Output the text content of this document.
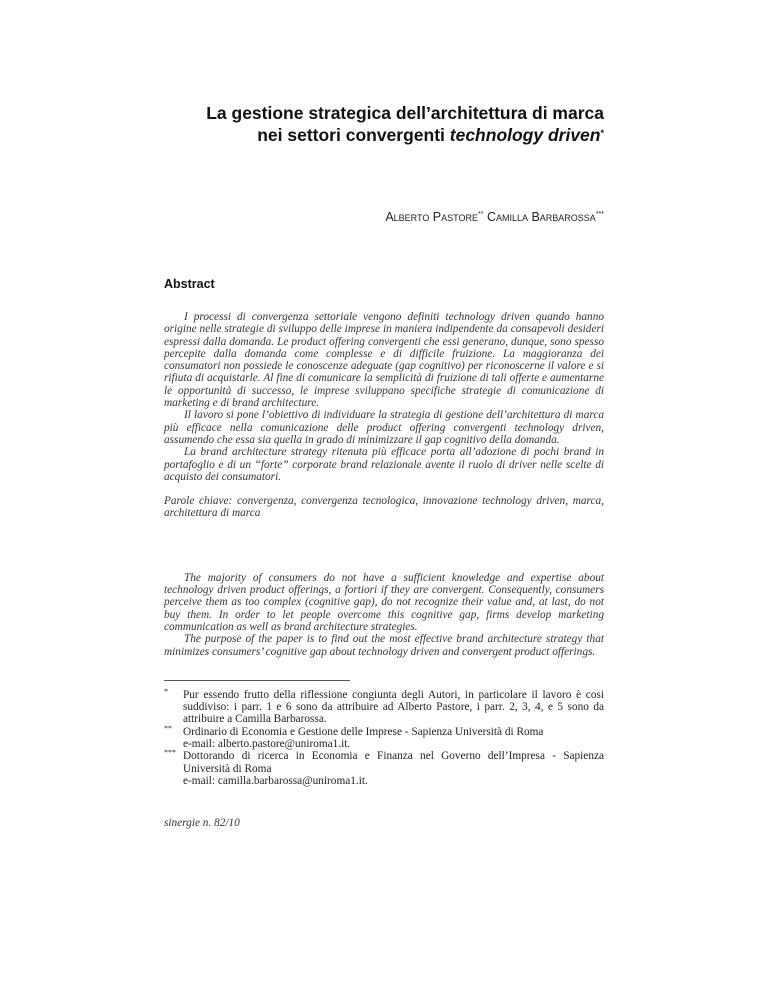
La gestione strategica dell’architettura di marca
nei settori convergenti technology driven*
Alberto Pastore** Camilla Barbarossa***
Abstract

I processi di convergenza settoriale vengono definiti technology driven quando hanno origine nelle strategie di sviluppo delle imprese in maniera indipendente da consapevoli desideri espressi dalla domanda. Le product offering convergenti che essi generano, dunque, sono spesso percepite dalla domanda come complesse e di difficile fruizione. La maggioranza dei consumatori non possiede le conoscenze adeguate (gap cognitivo) per riconoscerne il valore e si rifiuta di acquistarle. Al fine di comunicare la semplicità di fruizione di tali offerte e aumentarne le opportunità di successo, le imprese sviluppano specifiche strategie di comunicazione di marketing e di brand architecture.

Il lavoro si pone l’obiettivo di individuare la strategia di gestione dell’architettura di marca più efficace nella comunicazione delle product offering convergenti technology driven, assumendo che essa sia quella in grado di minimizzare il gap cognitivo della domanda.

La brand architecture strategy ritenuta più efficace porta all’adozione di pochi brand in portafoglio e di un “forte” corporate brand relazionale avente il ruolo di driver nelle scelte di acquisto dei consumatori.

Parole chiave: convergenza, convergenza tecnologica, innovazione technology driven, marca, architettura di marca

The majority of consumers do not have a sufficient knowledge and expertise about technology driven product offerings, a fortiori if they are convergent. Consequently, consumers perceive them as too complex (cognitive gap), do not recognize their value and, at last, do not buy them. In order to let people overcome this cognitive gap, firms develop marketing communication as well as brand architecture strategies.

The purpose of the paper is to find out the most effective brand architecture strategy that minimizes consumers’ cognitive gap about technology driven and convergent product offerings.

* Pur essendo frutto della riflessione congiunta degli Autori, in particolare il lavoro è cosi suddiviso: i parr. 1 e 6 sono da attribuire ad Alberto Pastore, i parr. 2, 3, 4, e 5 sono da attribuire a Camilla Barbarossa.
** Ordinario di Economia e Gestione delle Imprese - Sapienza Università di Roma
e-mail: alberto.pastore@uniroma1.it.
*** Dottorando di ricerca in Economia e Finanza nel Governo dell’Impresa - Sapienza Università di Roma
e-mail: camilla.barbarossa@uniroma1.it.
sinergie n. 82/10
